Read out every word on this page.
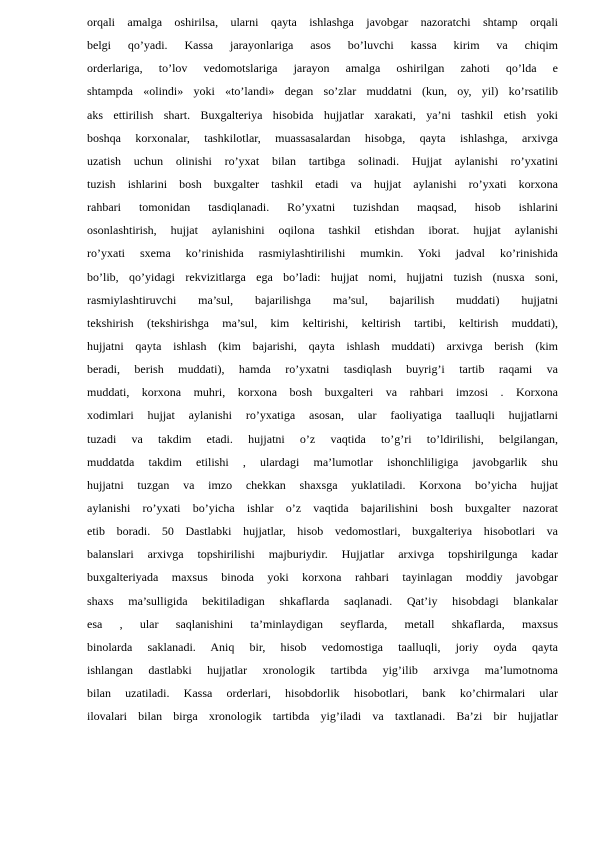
orqali amalga oshirilsa, ularni qayta ishlashga javobgar nazoratchi shtamp orqali
belgi qo’yadi. Kassa jarayonlariga asos bo’luvchi kassa kirim va chiqim
orderlariga, to’lov vedomotslariga jarayon amalga oshirilgan zahoti qo’lda e
shtampda «olindi» yoki «to’landi» degan so’zlar muddatni (kun, oy, yil) ko’rsatilib
aks ettirilish shart. Buxgalteriya hisobida hujjatlar xarakati, ya’ni tashkil etish yoki
boshqa korxonalar, tashkilotlar, muassasalardan hisobga, qayta ishlashga, arxivga
uzatish uchun olinishi ro’yxat bilan tartibga solinadi. Hujjat aylanishi ro’yxatini
tuzish ishlarini bosh buxgalter tashkil etadi va hujjat aylanishi ro’yxati korxona
rahbari tomonidan tasdiqlanadi. Ro’yxatni tuzishdan maqsad, hisob ishlarini
osonlashtirish, hujjat aylanishini oqilona tashkil etishdan iborat. hujjat aylanishi
ro’yxati sxema ko’rinishida rasmiylashtirilishi mumkin. Yoki jadval ko’rinishida
bo’lib, qo’yidagi rekvizitlarga ega bo’ladi: hujjat nomi, hujjatni tuzish (nusxa soni,
rasmiylashtiruvchi ma’sul, bajarilishga ma’sul, bajarilish muddati) hujjatni
tekshirish (tekshirishga ma’sul, kim keltirishi, keltirish tartibi, keltirish muddati),
hujjatni qayta ishlash (kim bajarishi, qayta ishlash muddati) arxivga berish (kim
beradi, berish muddati), hamda ro’yxatni tasdiqlash buyrig’i tartib raqami va
muddati, korxona muhri, korxona bosh buxgalteri va rahbari imzosi . Korxona
xodimlari hujjat aylanishi ro’yxatiga asosan, ular faoliyatiga taalluqli hujjatlarni
tuzadi va takdim etadi. hujjatni o’z vaqtida to’g’ri to’ldirilishi, belgilangan,
muddatda takdim etilishi , ulardagi ma’lumotlar ishonchliligiga javobgarlik shu
hujjatni tuzgan va imzo chekkan shaxsga yuklatiladi. Korxona bo’yicha hujjat
aylanishi ro’yxati bo’yicha ishlar o’z vaqtida bajarilishini bosh buxgalter nazorat
etib boradi. 50 Dastlabki hujjatlar, hisob vedomostlari, buxgalteriya hisobotlari va
balanslari arxivga topshirilishi majburiydir. Hujjatlar arxivga topshirilgunga kadar
buxgalteriyada maxsus binoda yoki korxona rahbari tayinlagan moddiy javobgar
shaxs ma’sulligida bekitiladigan shkaflarda saqlanadi. Qat’iy hisobdagi blankalar
esa , ular saqlanishini ta’minlaydigan seyflarda, metall shkaflarda, maxsus
binolarda saklanadi. Aniq bir, hisob vedomostiga taalluqli, joriy oyda qayta
ishlangan dastlabki hujjatlar xronologik tartibda yig’ilib arxivga ma’lumotnoma
bilan uzatiladi. Kassa orderlari, hisobdorlik hisobotlari, bank ko’chirmalari ular
ilovalari bilan birga xronologik tartibda yig’iladi va taxtlanadi. Ba’zi bir hujjatlar
